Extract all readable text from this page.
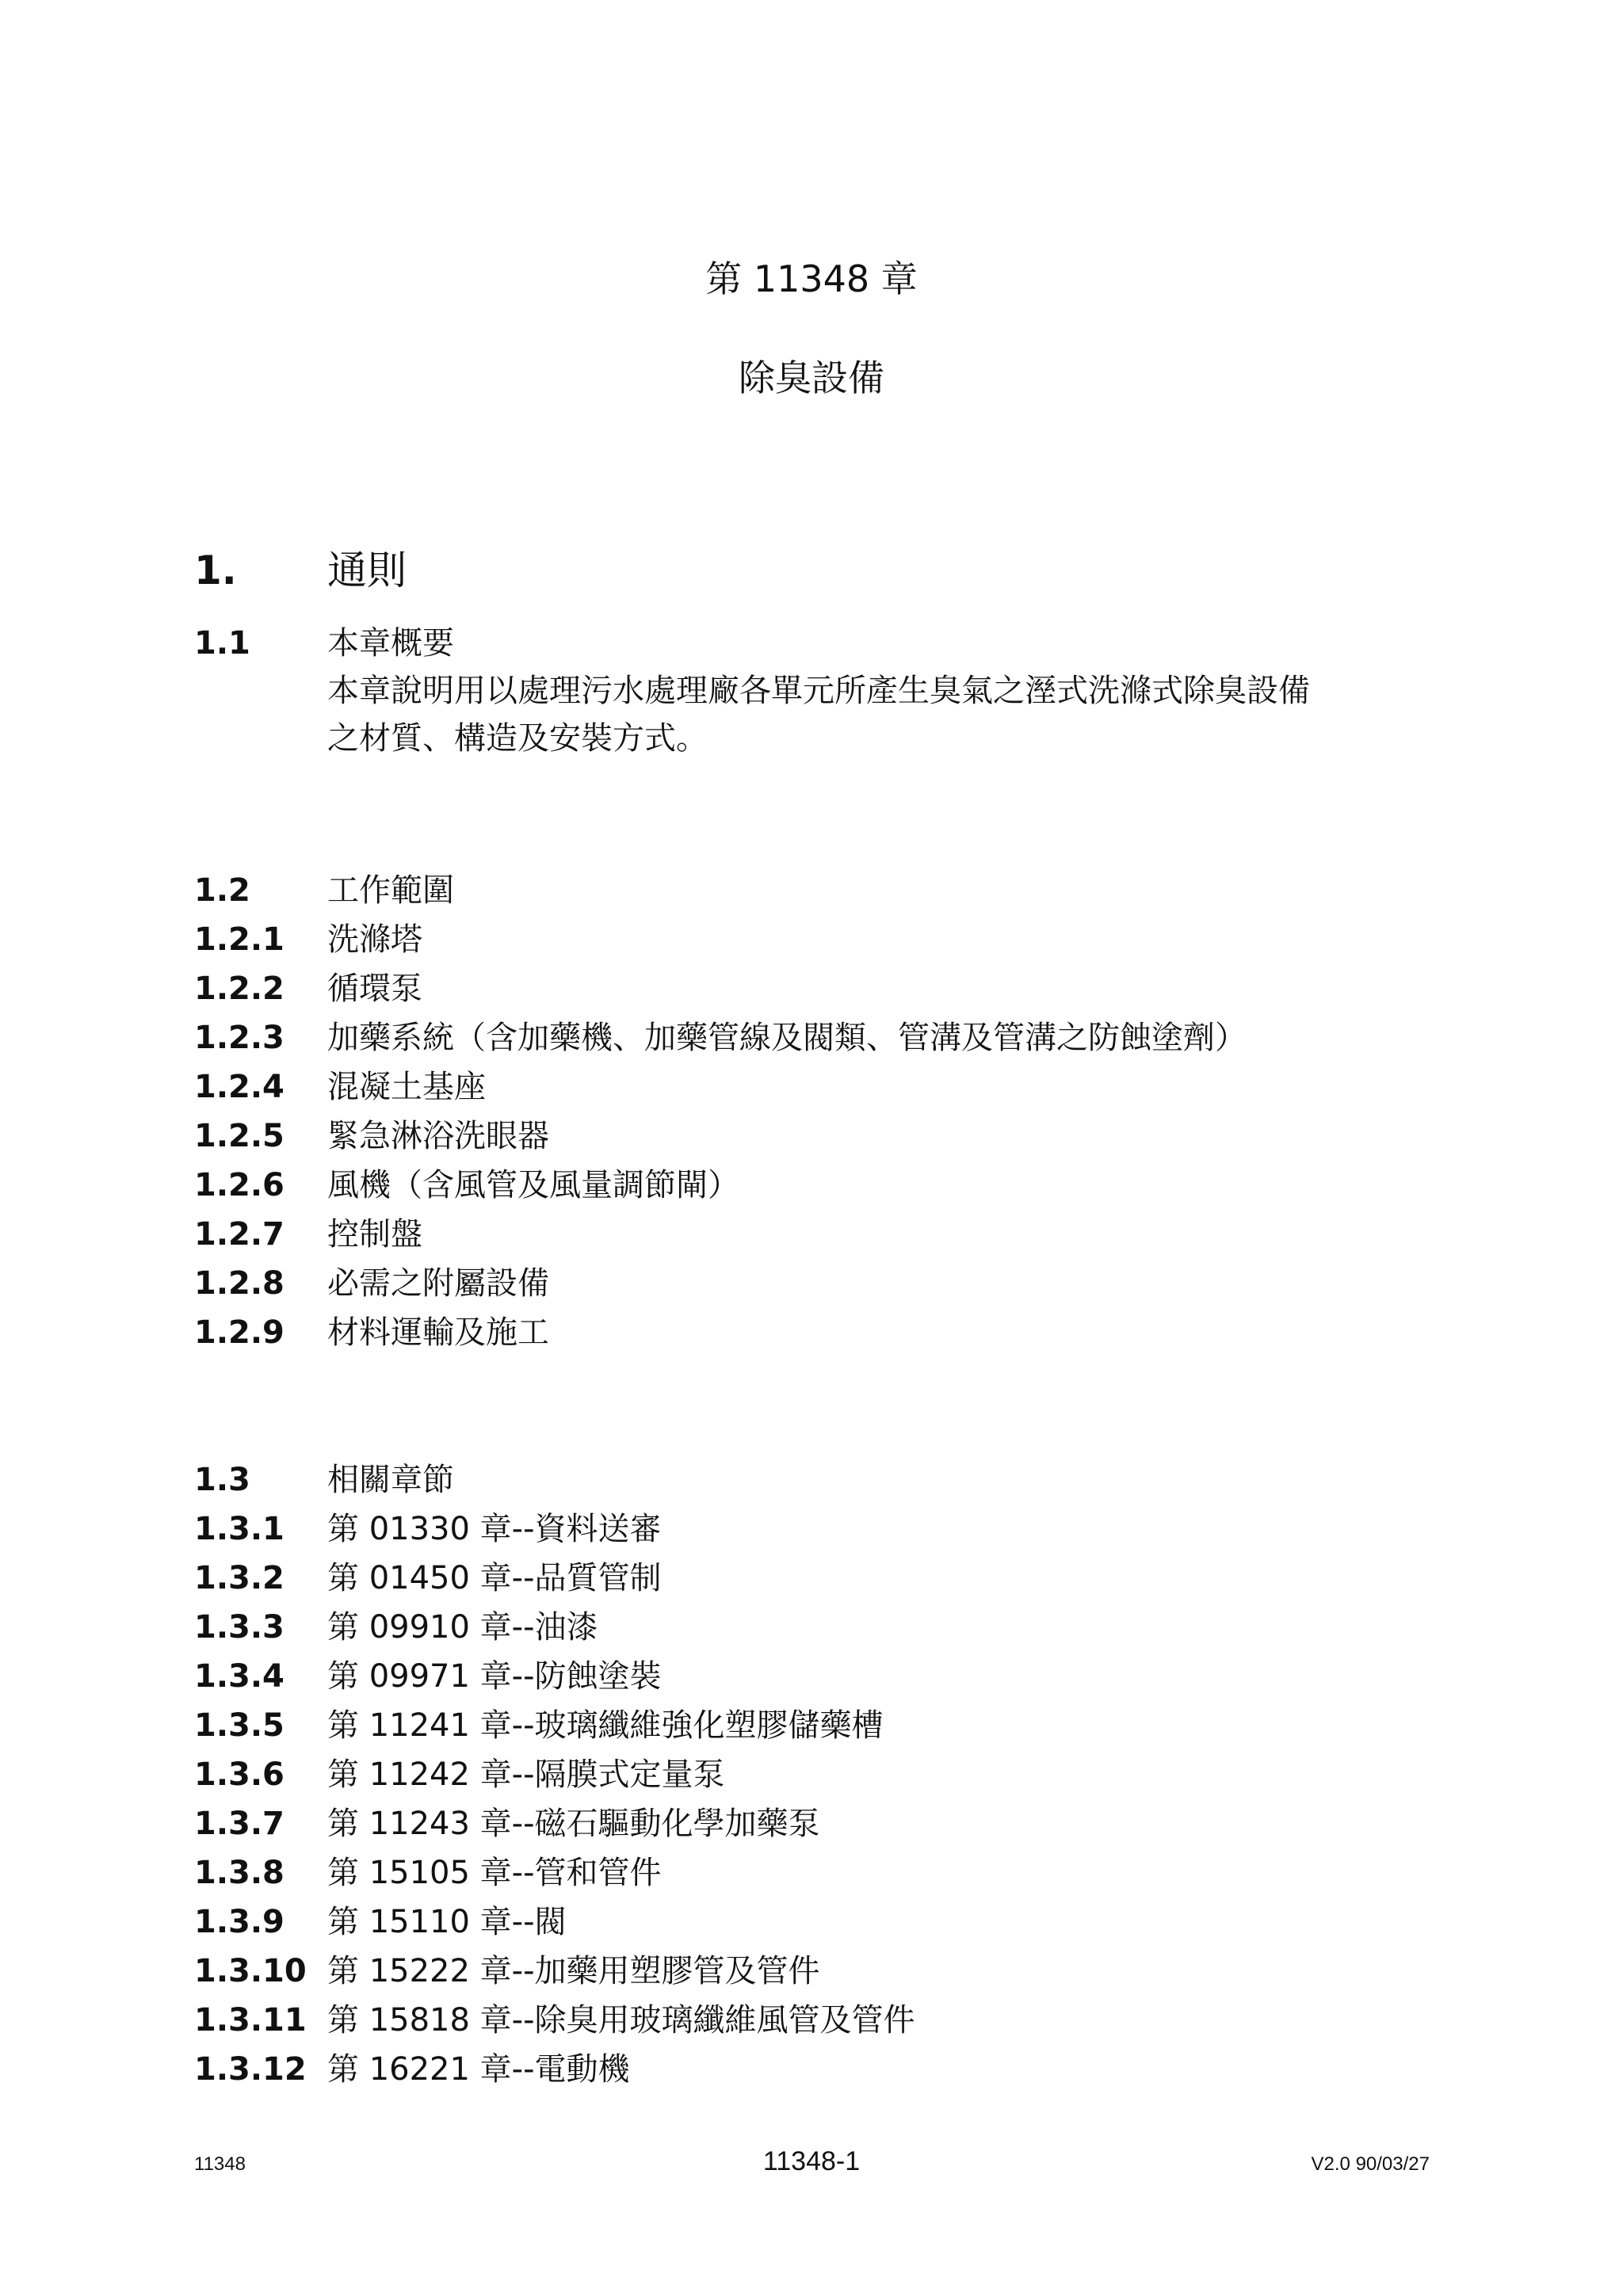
第 11348 章
除臭設備
1. 通則
1.1 本章概要
本章說明用以處理污水處理廠各單元所產生臭氣之溼式洗滌式除臭設備
之材質、構造及安裝方式。
1.2 工作範圍
1.2.1 洗滌塔
1.2.2 循環泵
1.2.3 加藥系統（含加藥機、加藥管線及閥類、管溝及管溝之防蝕塗劑）
1.2.4 混凝土基座
1.2.5 緊急淋浴洗眼器
1.2.6 風機（含風管及風量調節閘）
1.2.7 控制盤
1.2.8 必需之附屬設備
1.2.9 材料運輸及施工
1.3 相關章節
1.3.1 第 01330 章--資料送審
1.3.2 第 01450 章--品質管制
1.3.3 第 09910 章--油漆
1.3.4 第 09971 章--防蝕塗裝
1.3.5 第 11241 章--玻璃纖維強化塑膠儲藥槽
1.3.6 第 11242 章--隔膜式定量泵
1.3.7 第 11243 章--磁石驅動化學加藥泵
1.3.8 第 15105 章--管和管件
1.3.9 第 15110 章--閥
1.3.10 第 15222 章--加藥用塑膠管及管件
1.3.11 第 15818 章--除臭用玻璃纖維風管及管件
1.3.12 第 16221 章--電動機
11348	11348-1	V2.0 90/03/27
